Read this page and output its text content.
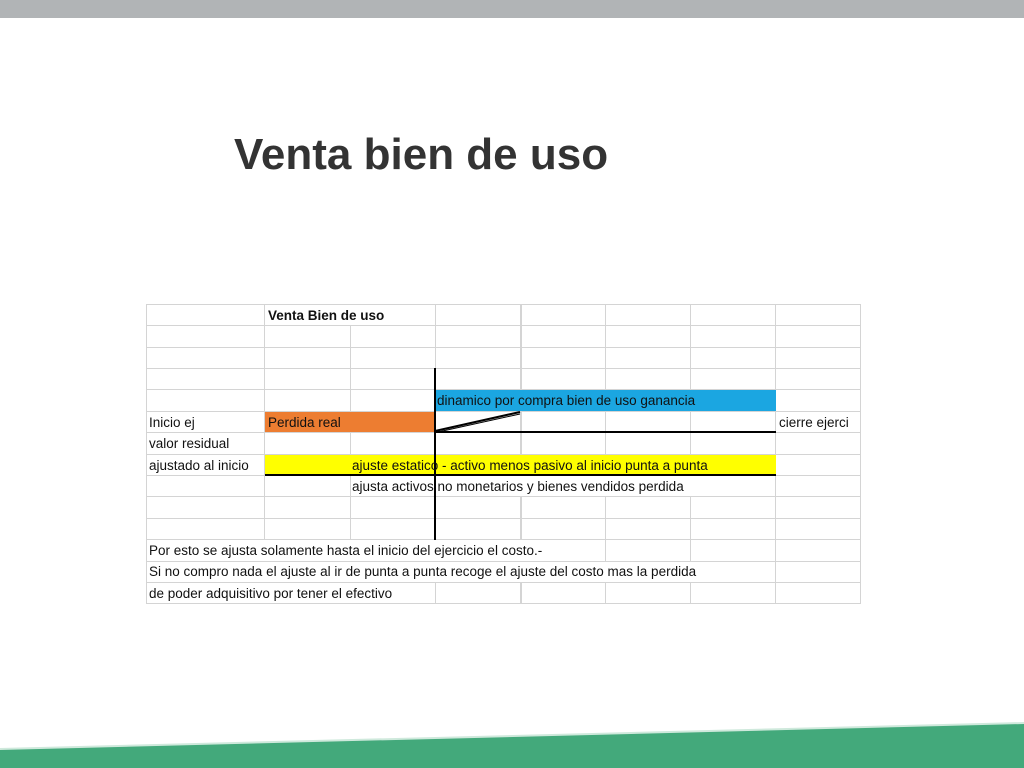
Venta bien de uso
Venta Bien de uso
dinamico por compra bien de uso ganancia
Inicio ej	Perdida real	cierre ejerci
valor residual
ajustado al inicio	ajuste estatico - activo menos pasivo al inicio punta a punta
ajusta activos no monetarios y bienes vendidos perdida
Por esto se ajusta solamente hasta el inicio del ejercicio el costo.-
Si no compro nada el ajuste al ir de punta a punta recoge el ajuste del costo mas la perdida
de poder adquisitivo por tener el efectivo
